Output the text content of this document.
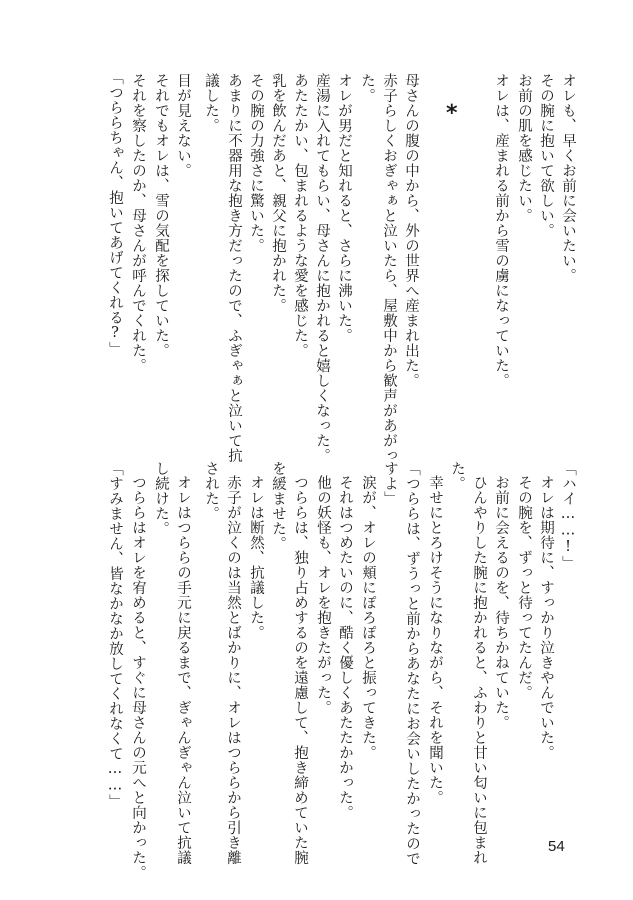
オレも、早くお前に会いたい。
その腕に抱いて欲しい。
お前の肌を感じたい。
オレは、産まれる前から雪の虜になっていた。
*
母さんの腹の中から、外の世界へ産まれ出た。
赤子らしくおぎゃぁと泣いたら、屋敷中から歓声があがっ
た。
オレが男だと知れると、さらに沸いた。
産湯に入れてもらい、母さんに抱かれると嬉しくなった。
あたたかい、包まれるような愛を感じた。
乳を飲んだあと、親父に抱かれた。
その腕の力強さに驚いた。
あまりに不器用な抱き方だったので、ふぎゃぁと泣いて抗
議した。
目が見えない。
それでもオレは、雪の気配を探していた。
それを察したのか、母さんが呼んでくれた。
「つららちゃん、抱いてあげてくれる?」
「ハイ……!」
オレは期待に、すっかり泣きやんでいた。
その腕を、ずっと待ってたんだ。
お前に会えるのを、待ちかねていた。
ひんやりした腕に抱かれると、ふわりと甘い匂いに包まれ
た。
幸せにとろけそうになりながら、それを聞いた。
「つららは、ずうっと前からあなたにお会いしたかったので
すよ」
涙が、オレの頬にぽろぽろと振ってきた。
それはつめたいのに、酷く優しくあたたかかった。
他の妖怪も、オレを抱きたがった。
つららは、独り占めするのを遠慮して、抱き締めていた腕
を緩ませた。
オレは断然、抗議した。
赤子が泣くのは当然とばかりに、オレはつららから引き離
された。
オレはつららの手元に戻るまで、ぎゃんぎゃん泣いて抗議
し続けた。
つららはオレを宥めると、すぐに母さんの元へと向かった。
「すみません、皆なかなか放してくれなくて……」
54
